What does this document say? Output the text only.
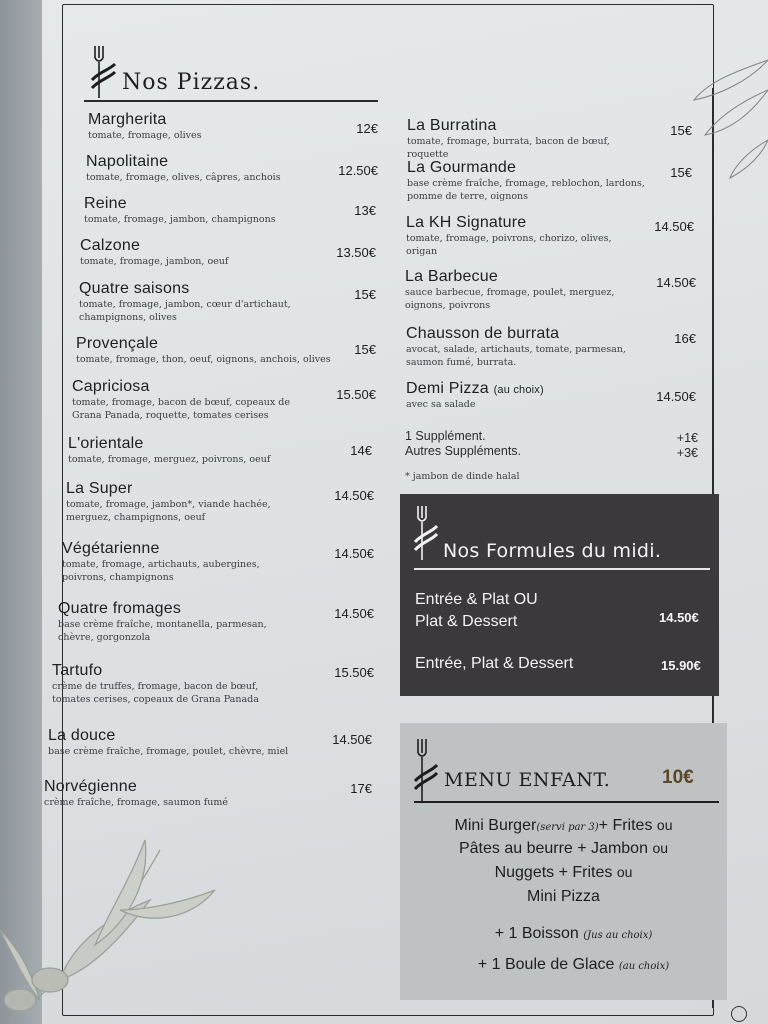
Nos Pizzas.
Margherita
tomate, fromage, olives	12€
Napolitaine
tomate, fromage, olives, câpres, anchois	12.50€
Reine
tomate, fromage, jambon, champignons
13€
Calzone
tomate, fromage, jambon, oeuf
13.50€
Quatre saisons
tomate, fromage, jambon, cœur d'artichaut, champignons, olives
15€
Provençale
tomate, fromage, thon, oeuf, oignons, anchois, olives
15€
Capriciosa
tomate, fromage, bacon de bœuf, copeaux de Grana Panada, roquette, tomates cerises
15.50€
L'orientale
tomate, fromage, merguez, poivrons, oeuf
14€
La Super
tomate, fromage, jambon*, viande hachée, merguez, champignons, oeuf
14.50€
Végétarienne
tomate, fromage, artichauts, aubergines, poivrons, champignons
14.50€
Quatre fromages
base crème fraîche, montanella, parmesan, chèvre, gorgonzola
14.50€
Tartufo
crème de truffes, fromage, bacon de bœuf, tomates cerises, copeaux de Grana Panada
15.50€
La douce
base crème fraîche, fromage, poulet, chèvre, miel
14.50€
Norvégienne
crème fraîche, fromage, saumon fumé
17€
La Burratina
tomate, fromage, burrata, bacon de bœuf, roquette
15€
La Gourmande
base crème fraîche, fromage, reblochon, lardons, pomme de terre, oignons
15€
La KH Signature
tomate, fromage, poivrons, chorizo, olives, origan
14.50€
La Barbecue
sauce barbecue, fromage, poulet, merguez, oignons, poivrons
14.50€
Chausson de burrata
avocat, salade, artichauts, tomate, parmesan, saumon fumé, burrata.
16€
Demi Pizza (au choix)
avec sa salade
14.50€
1 Supplément.	+1€
Autres Suppléments.	+3€
* jambon de dinde halal
Nos Formules du midi.
Entrée & Plat OU
Plat & Dessert	14.50€
Entrée, Plat & Dessert	15.90€
MENU ENFANT.	10€
Mini Burger(servi par 3)+ Frites ou
Pâtes au beurre + Jambon ou
Nuggets + Frites ou
Mini Pizza
+ 1 Boisson (Jus au choix)
+ 1 Boule de Glace (au choix)
